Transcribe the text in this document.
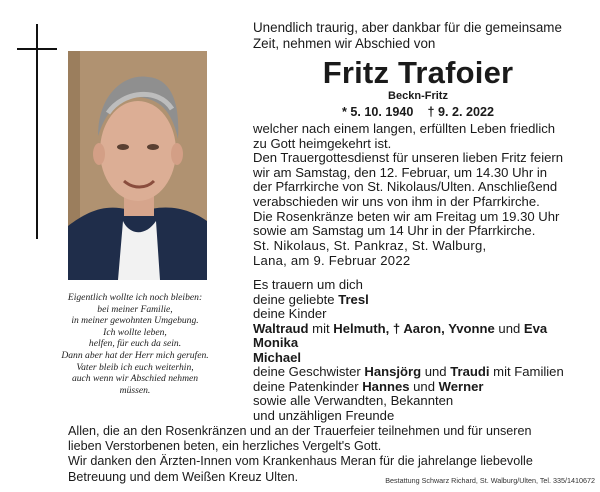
Eigentlich wollte ich noch bleiben:
bei meiner Familie,
in meiner gewohnten Umgebung.
Ich wollte leben,
helfen, für euch da sein.
Dann aber hat der Herr mich gerufen.
Vater bleib ich euch weiterhin,
auch wenn wir Abschied nehmen
müssen.
Unendlich traurig, aber dankbar für die gemeinsame
Zeit, nehmen wir Abschied von
Fritz Trafoier
Beckn-Fritz
* 5. 10. 1940 † 9. 2. 2022
welcher nach einem langen, erfüllten Leben friedlich
zu Gott heimgekehrt ist.
Den Trauergottesdienst für unseren lieben Fritz feiern
wir am Samstag, den 12. Februar, um 14.30 Uhr in
der Pfarrkirche von St. Nikolaus/Ulten. Anschließend
verabschieden wir uns von ihm in der Pfarrkirche.
Die Rosenkränze beten wir am Freitag um 19.30 Uhr
sowie am Samstag um 14 Uhr in der Pfarrkirche.
St. Nikolaus, St. Pankraz, St. Walburg,
Lana, am 9. Februar 2022
Es trauern um dich
deine geliebte Tresl
deine Kinder
Waltraud mit Helmuth, † Aaron, Yvonne und Eva
Monika
Michael
deine Geschwister Hansjörg und Traudi mit Familien
deine Patenkinder Hannes und Werner
sowie alle Verwandten, Bekannten
und unzähligen Freunde
Allen, die an den Rosenkränzen und an der Trauerfeier teilnehmen und für unseren
lieben Verstorbenen beten, ein herzliches Vergelt's Gott.
Wir danken den Ärzten-Innen vom Krankenhaus Meran für die jahrelange liebevolle
Betreuung und dem Weißen Kreuz Ulten.	Bestattung Schwarz Richard, St. Walburg/Ulten, Tel. 335/1410672
